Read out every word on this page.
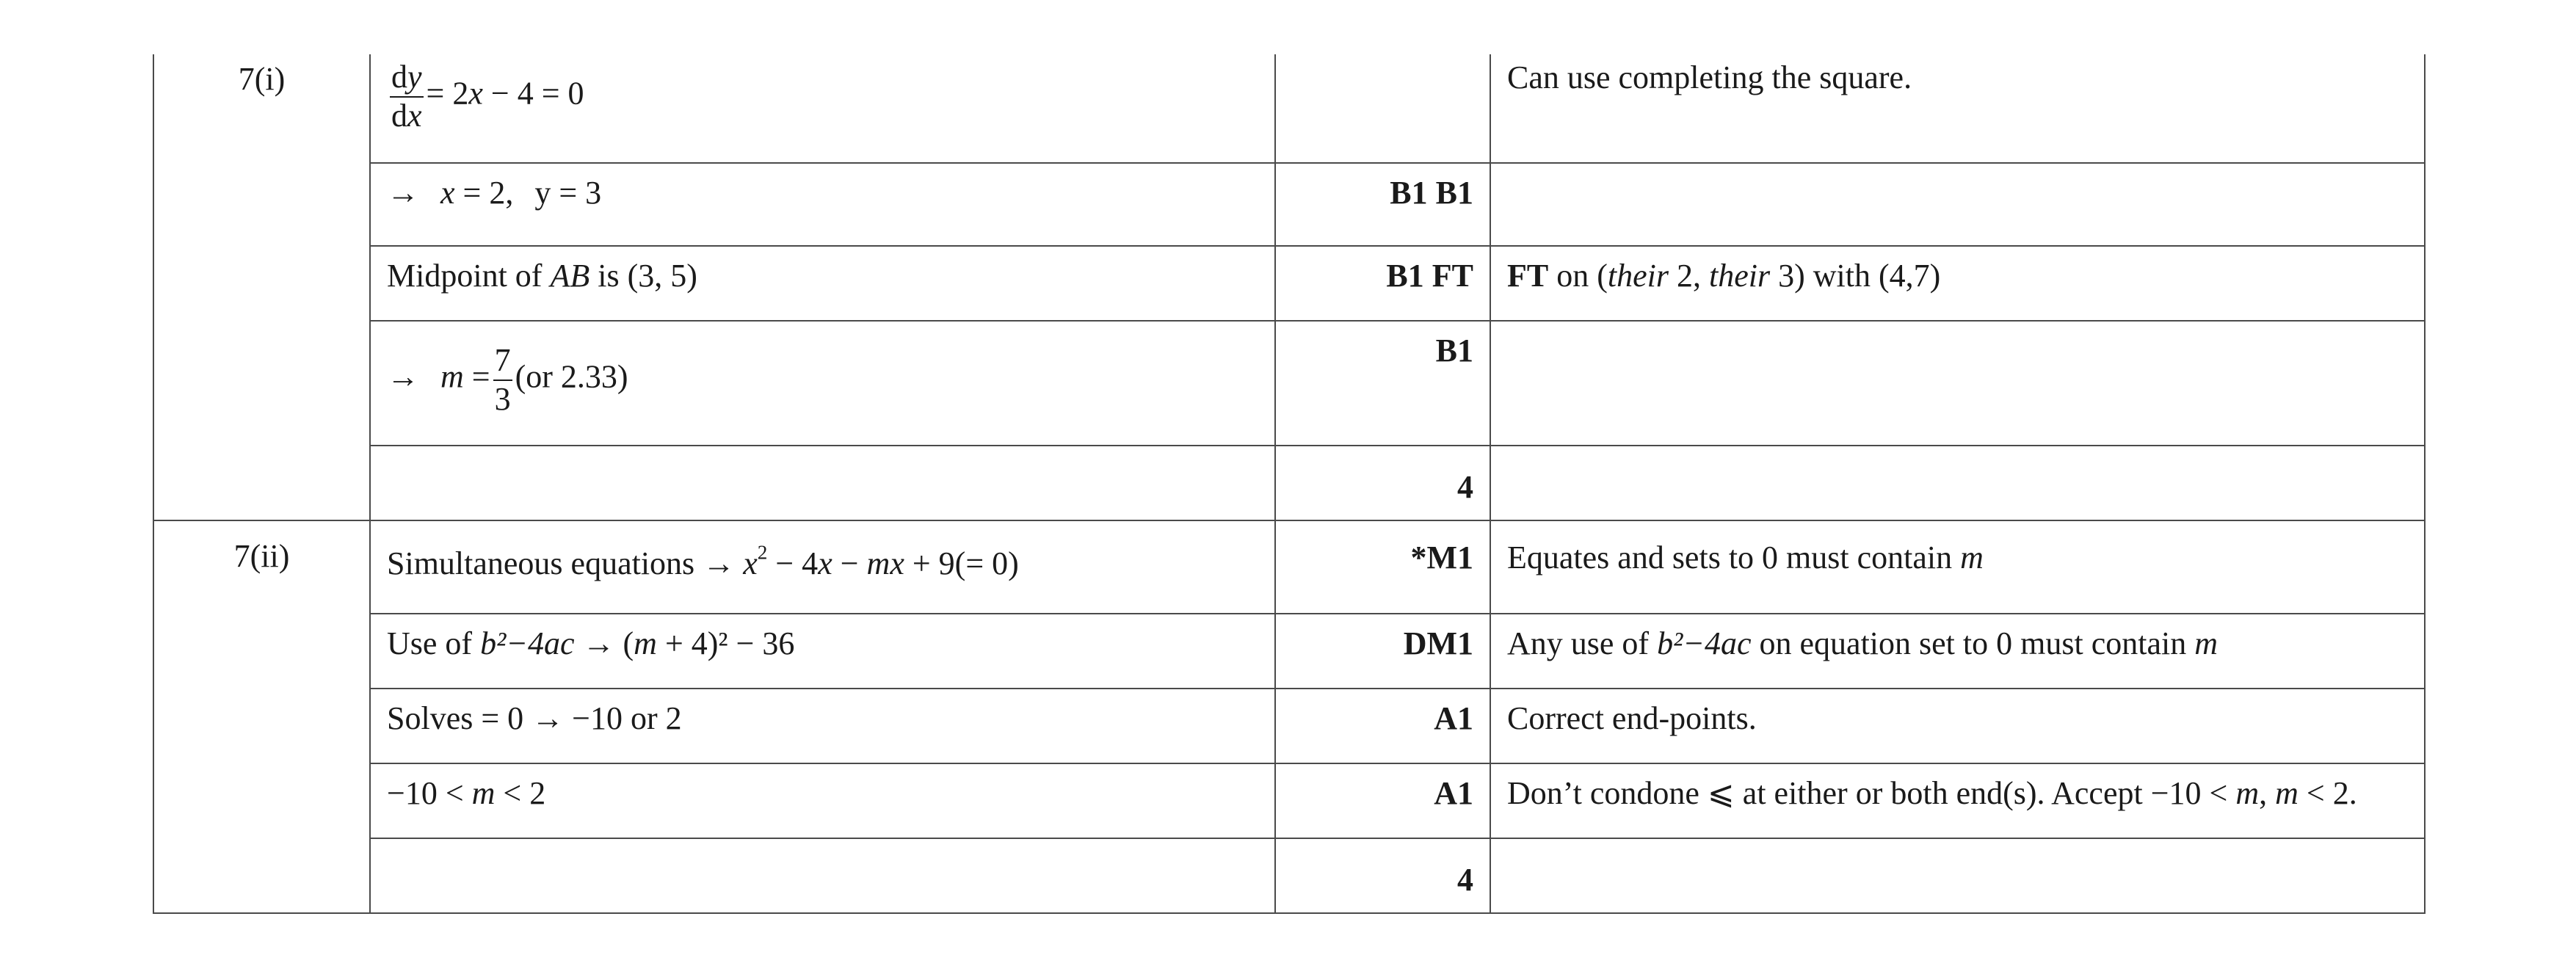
7(i)	$\frac{dy}{dx} = 2x - 4 = 0$		Can use completing the square.
	→ x = 2, y = 3	B1 B1	
	Midpoint of AB is (3, 5)	B1 FT	FT on (their 2, their 3) with (4,7)
	→ $m = \frac{7}{3} (or$ 2.33)	B1	
		4	
7(ii)	Simultaneous equations → $x^2 - 4x$ − mx + 9(= 0)	*M1	Equates and sets to 0 must contain m
	Use of b²−4ac → (m + 4)² − 36	DM1	Any use of b²−4ac on equation set to 0 must contain m
	Solves = 0 → −10 or 2	A1	Correct end-points.
	−10 < m < 2	A1	Don’t condone ⩽ at either or both end(s). Accept −10 < m, m < 2.
		4	
